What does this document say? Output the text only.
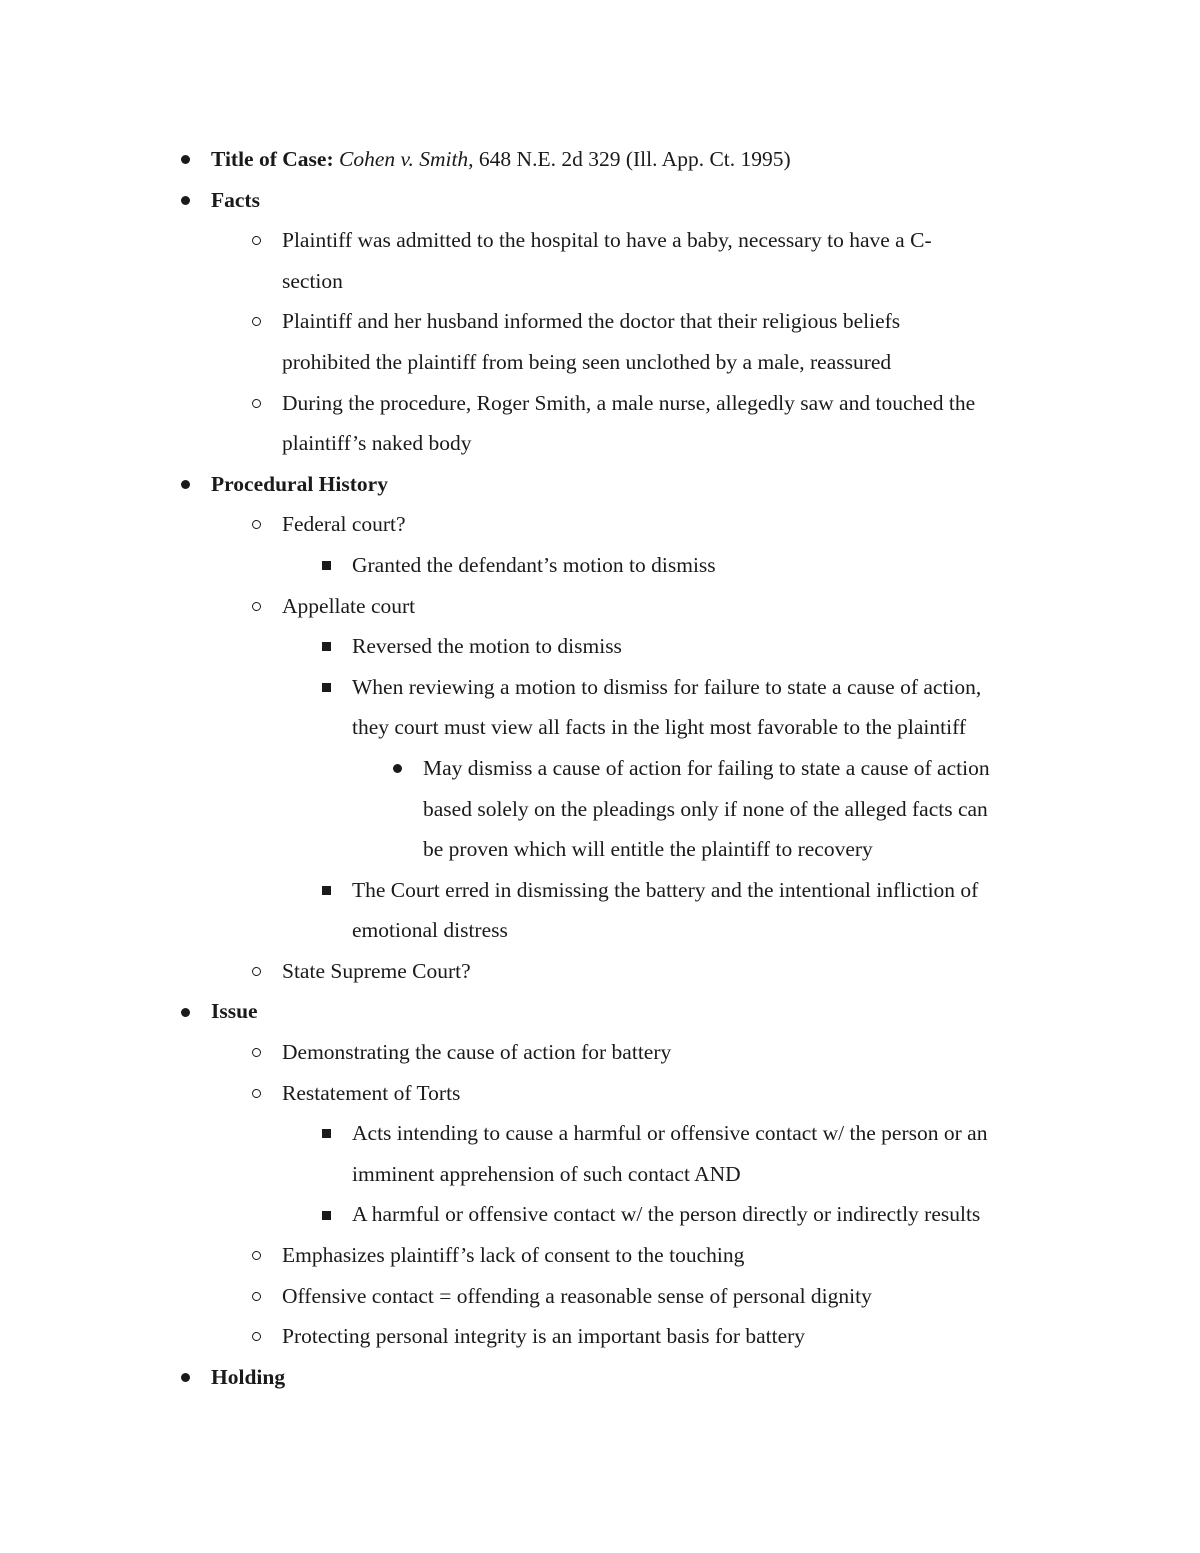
Title of Case: Cohen v. Smith, 648 N.E. 2d 329 (Ill. App. Ct. 1995)
Facts
Plaintiff was admitted to the hospital to have a baby, necessary to have a C-
section
Plaintiff and her husband informed the doctor that their religious beliefs
prohibited the plaintiff from being seen unclothed by a male, reassured
During the procedure, Roger Smith, a male nurse, allegedly saw and touched the
plaintiff’s naked body
Procedural History
Federal court?
Granted the defendant’s motion to dismiss
Appellate court
Reversed the motion to dismiss
When reviewing a motion to dismiss for failure to state a cause of action,
they court must view all facts in the light most favorable to the plaintiff
May dismiss a cause of action for failing to state a cause of action
based solely on the pleadings only if none of the alleged facts can
be proven which will entitle the plaintiff to recovery
The Court erred in dismissing the battery and the intentional infliction of
emotional distress
State Supreme Court?
Issue
Demonstrating the cause of action for battery
Restatement of Torts
Acts intending to cause a harmful or offensive contact w/ the person or an
imminent apprehension of such contact AND
A harmful or offensive contact w/ the person directly or indirectly results
Emphasizes plaintiff’s lack of consent to the touching
Offensive contact = offending a reasonable sense of personal dignity
Protecting personal integrity is an important basis for battery
Holding
